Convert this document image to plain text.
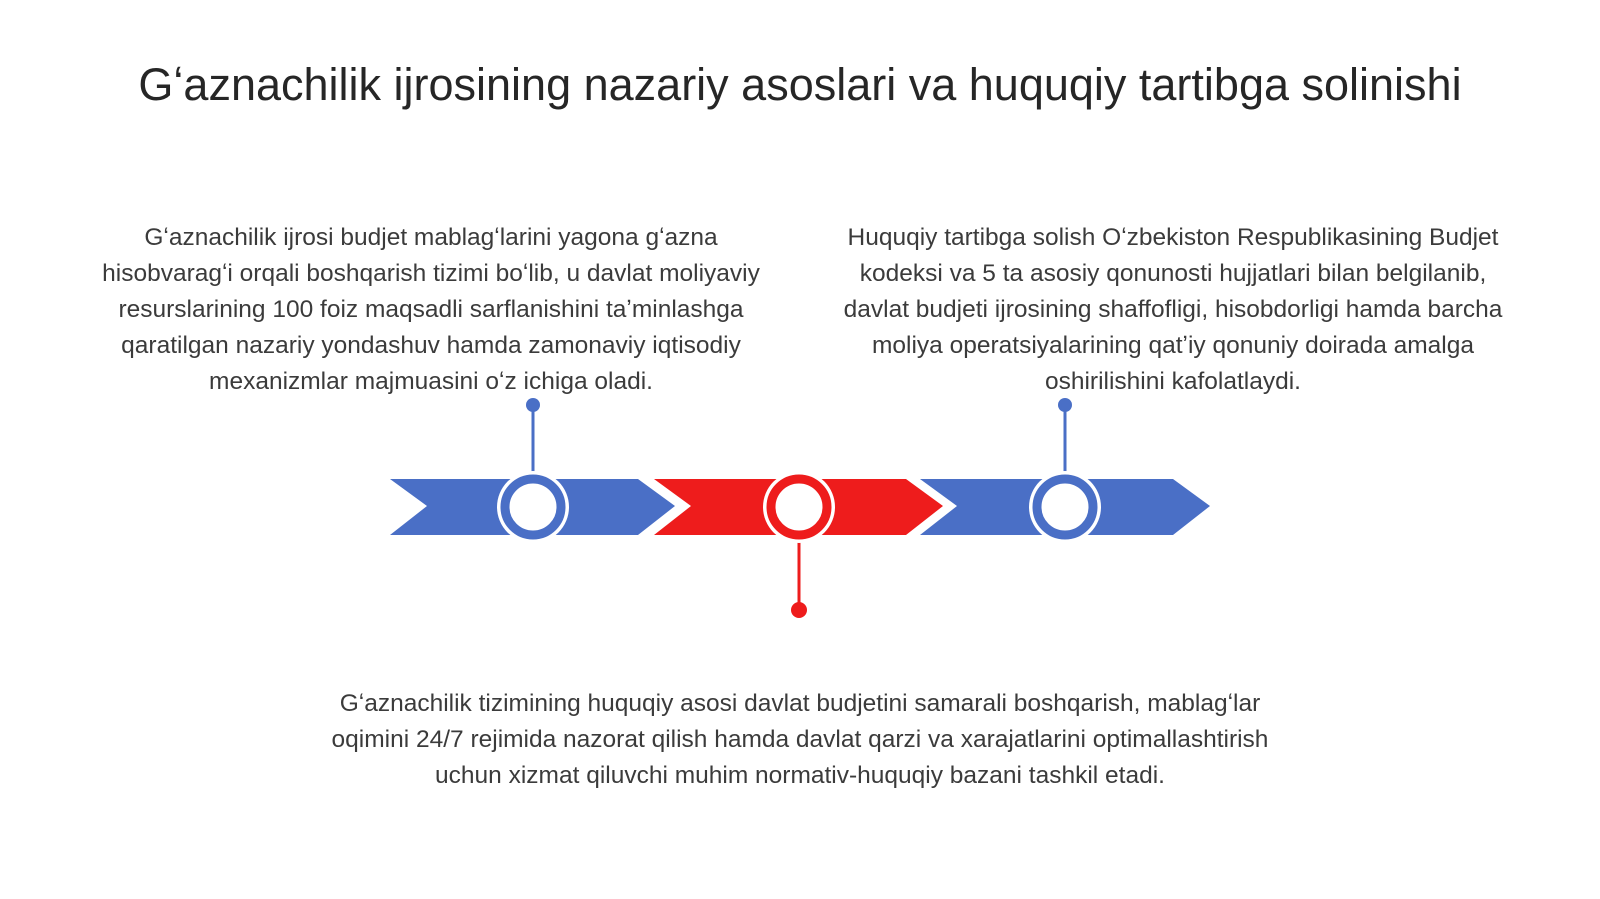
Gʻaznachilik ijrosining nazariy asoslari va huquqiy tartibga solinishi
Gʻaznachilik ijrosi budjet mablagʻlarini yagona gʻazna hisobvaragʻi orqali boshqarish tizimi boʻlib, u davlat moliyaviy resurslarining 100 foiz maqsadli sarflanishini taʼminlashga qaratilgan nazariy yondashuv hamda zamonaviy iqtisodiy mexanizmlar majmuasini oʻz ichiga oladi.
Huquqiy tartibga solish Oʻzbekiston Respublikasining Budjet kodeksi va 5 ta asosiy qonunosti hujjatlari bilan belgilanib, davlat budjeti ijrosining shaffofligi, hisobdorligi hamda barcha moliya operatsiyalarining qatʼiy qonuniy doirada amalga oshirilishini kafolatlaydi.
Gʻaznachilik tizimining huquqiy asosi davlat budjetini samarali boshqarish, mablagʻlar oqimini 24/7 rejimida nazorat qilish hamda davlat qarzi va xarajatlarini optimallashtirish uchun xizmat qiluvchi muhim normativ-huquqiy bazani tashkil etadi.
